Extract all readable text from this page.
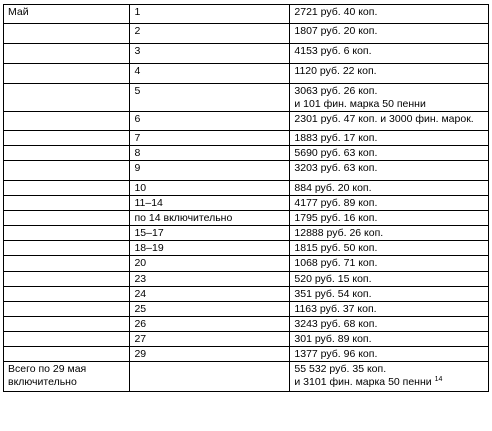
Май	1	2721 руб. 40 коп.

	2	1807 руб. 20 коп.

	3	4153 руб. 6 коп.

	4	1120 руб. 22 коп.

	5	3063 руб. 26 коп.
и 101 фин. марка 50 пенни

	6	2301 руб. 47 коп. и 3000 фин. марок.

	7	1883 руб. 17 коп.

	8	5690 руб. 63 коп.

	9	3203 руб. 63 коп.

	10	884 руб. 20 коп.

	11–14	4177 руб. 89 коп.

	по 14 включительно	1795 руб. 16 коп.

	15–17	12888 руб. 26 коп.

	18–19	1815 руб. 50 коп.

	20	1068 руб. 71 коп.

	23	520 руб. 15 коп.

	24	351 руб. 54 коп.

	25	1163 руб. 37 коп.

	26	3243 руб. 68 коп.

	27	301 руб. 89 коп.

	29	1377 руб. 96 коп.

Всего по 29 мая
включительно		55 532 руб. 35 коп.
и 3101 фин. марка 50 пенни $^{14}$
